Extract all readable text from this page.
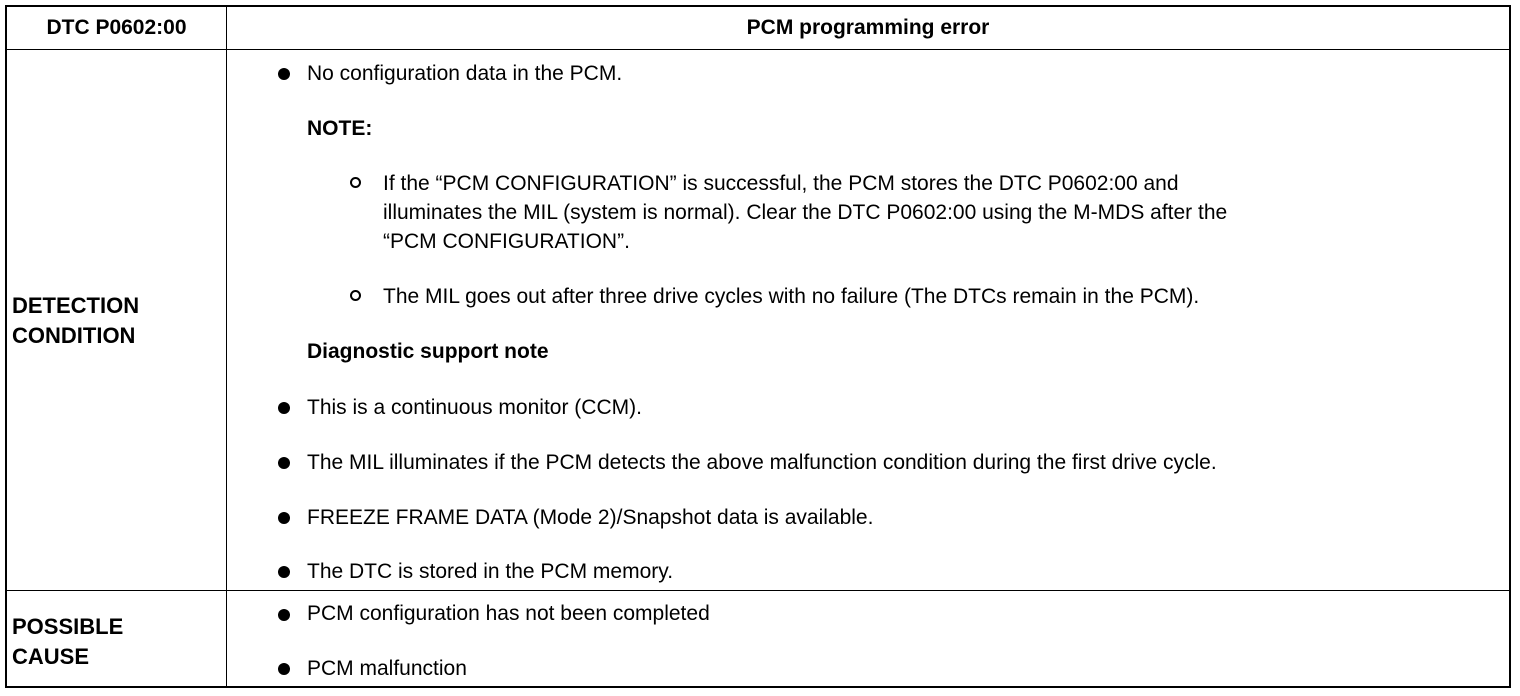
DTC P0602:00	PCM programming error
DETECTION
CONDITION
No configuration data in the PCM.
NOTE:
If the “PCM CONFIGURATION” is successful, the PCM stores the DTC P0602:00 and
illuminates the MIL (system is normal). Clear the DTC P0602:00 using the M-MDS after the
“PCM CONFIGURATION”.
The MIL goes out after three drive cycles with no failure (The DTCs remain in the PCM).
Diagnostic support note
This is a continuous monitor (CCM).
The MIL illuminates if the PCM detects the above malfunction condition during the first drive cycle.
FREEZE FRAME DATA (Mode 2)/Snapshot data is available.
The DTC is stored in the PCM memory.
POSSIBLE
CAUSE
PCM configuration has not been completed
PCM malfunction
